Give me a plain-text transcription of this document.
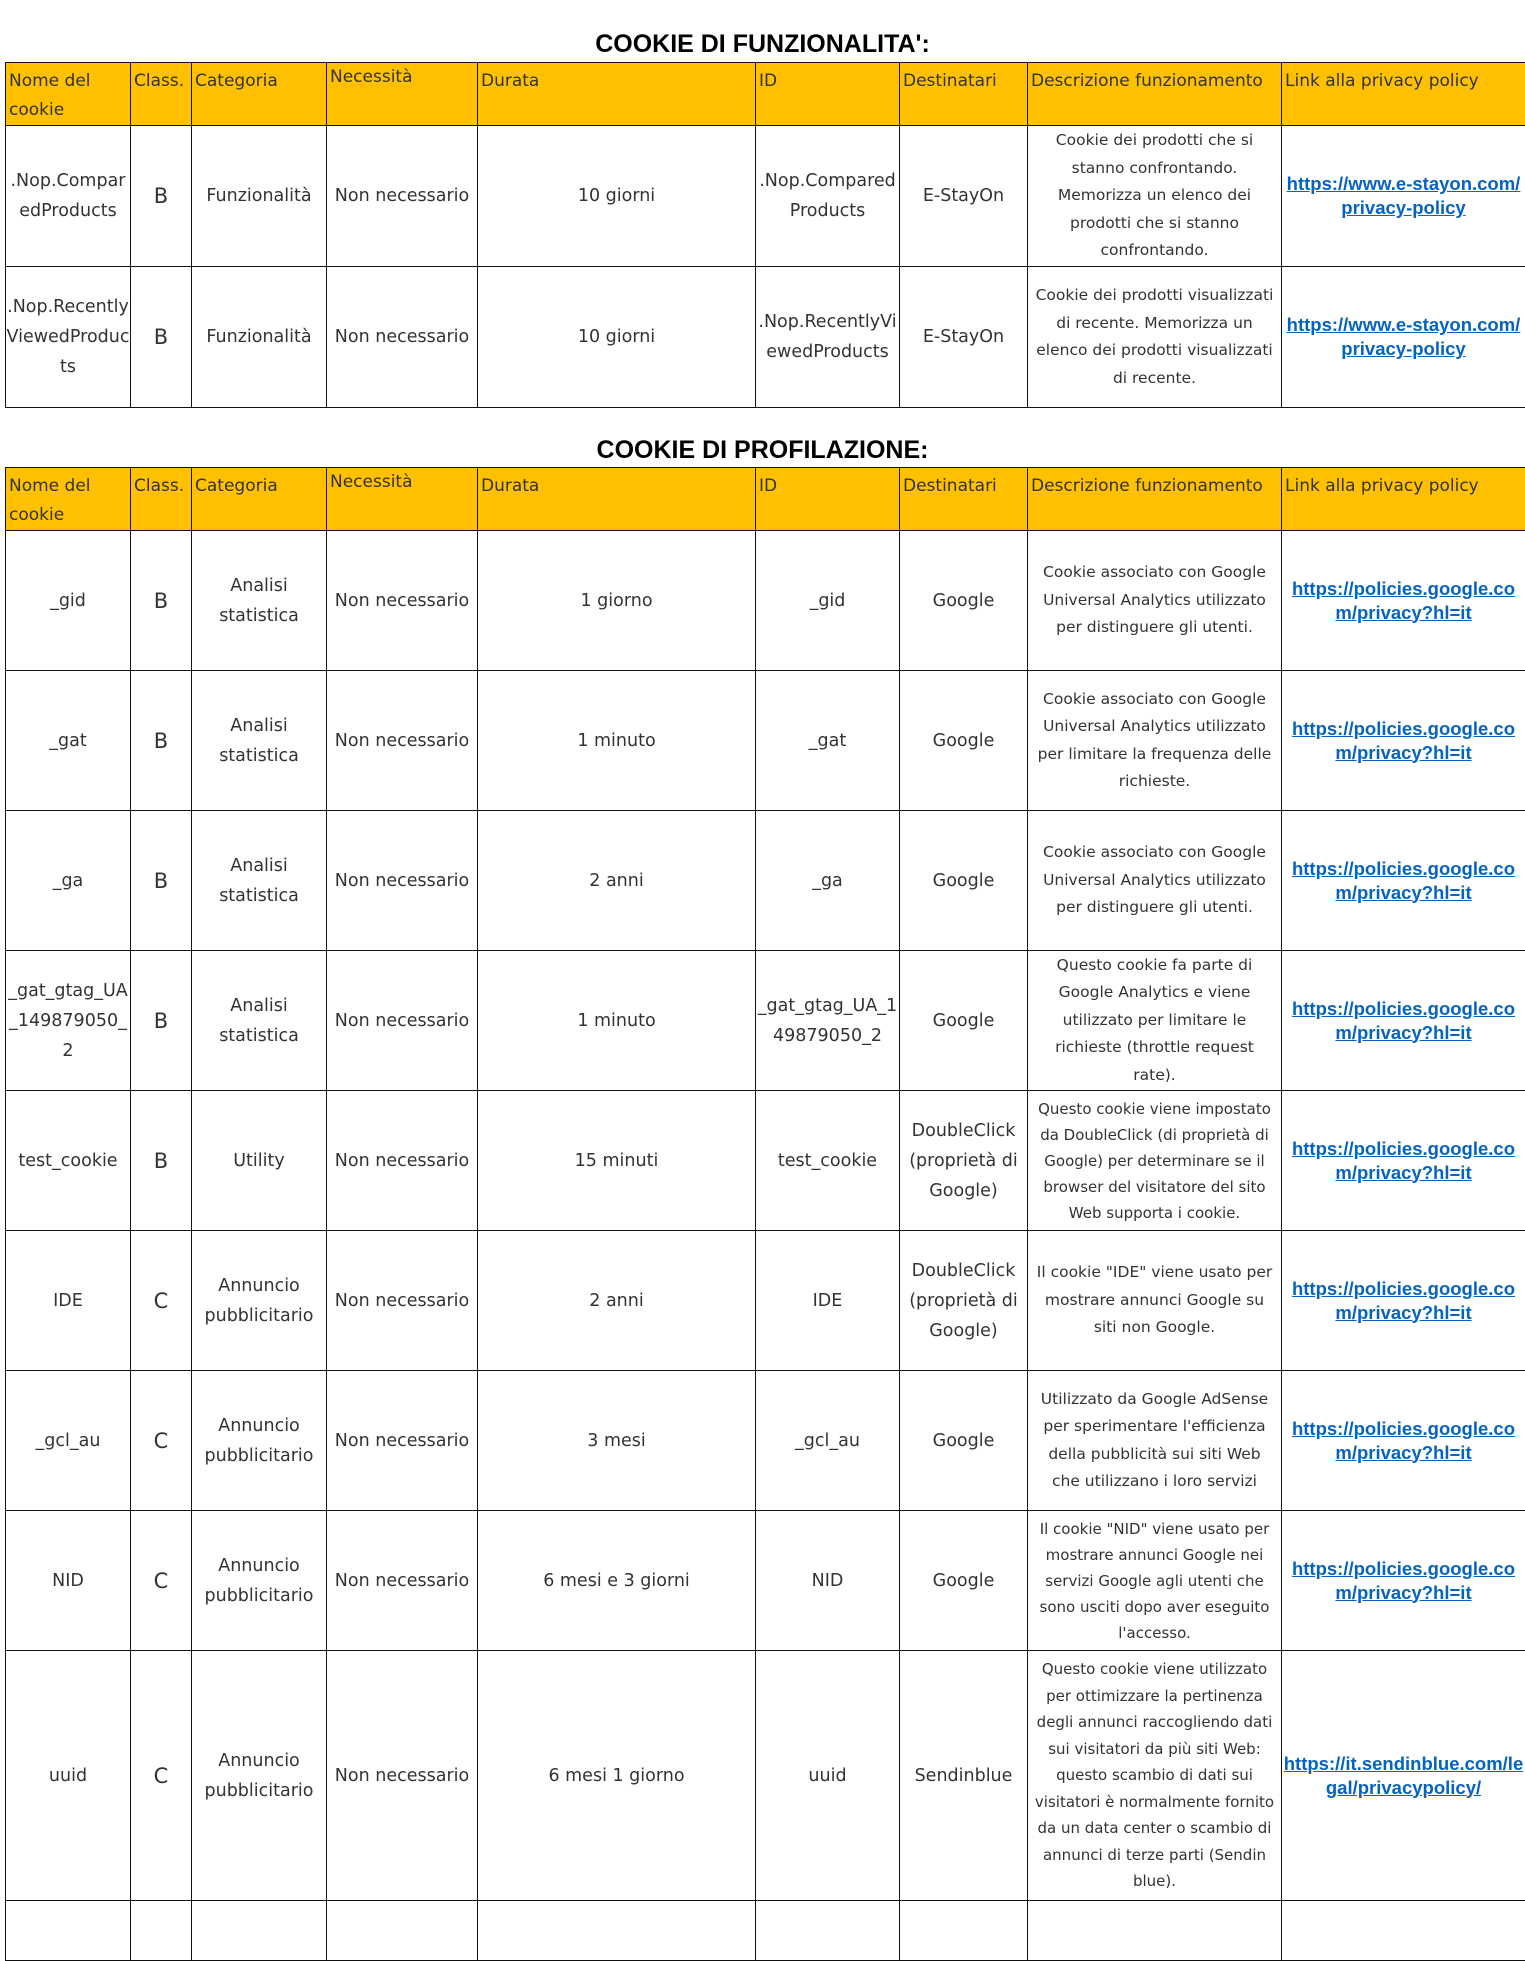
COOKIE DI FUNZIONALITA':
Nome del cookie	Class.	Categoria	Necessità	Durata	ID	Destinatari	Descrizione funzionamento	Link alla privacy policy
.Nop.ComparedProducts	B	Funzionalità	Non necessario	10 giorni	.Nop.Compared Products	E-StayOn	Cookie dei prodotti che si stanno confrontando. Memorizza un elenco dei prodotti che si stanno confrontando.	https://www.e-stayon.com/privacy-policy

.Nop.RecentlyViewedProducts	B	Funzionalità	Non necessario	10 giorni	.Nop.RecentlyViewedProducts	E-StayOn	Cookie dei prodotti visualizzati di recente. Memorizza un elenco dei prodotti visualizzati di recente.	https://www.e-stayon.com/privacy-policy
COOKIE DI PROFILAZIONE:
Nome del cookie	Class.	Categoria	Necessità	Durata	ID	Destinatari	Descrizione funzionamento	Link alla privacy policy
_gid	B	Analisi statistica	Non necessario	1 giorno	_gid	Google	Cookie associato con Google Universal Analytics utilizzato per distinguere gli utenti.	https://policies.google.com/privacy?hl=it

_gat	B	Analisi statistica	Non necessario	1 minuto	_gat	Google	Cookie associato con Google Universal Analytics utilizzato per limitare la frequenza delle richieste.	https://policies.google.com/privacy?hl=it

_ga	B	Analisi statistica	Non necessario	2 anni	_ga	Google	Cookie associato con Google Universal Analytics utilizzato per distinguere gli utenti.	https://policies.google.com/privacy?hl=it

_gat_gtag_UA_149879050_2	B	Analisi statistica	Non necessario	1 minuto	_gat_gtag_UA_149879050_2	Google	Questo cookie fa parte di Google Analytics e viene utilizzato per limitare le richieste (throttle request rate).	https://policies.google.com/privacy?hl=it

test_cookie	B	Utility	Non necessario	15 minuti	test_cookie	DoubleClick (proprietà di Google)	Questo cookie viene impostato da DoubleClick (di proprietà di Google) per determinare se il browser del visitatore del sito Web supporta i cookie.	https://policies.google.com/privacy?hl=it

IDE	C	Annuncio pubblicitario	Non necessario	2 anni	IDE	DoubleClick (proprietà di Google)	Il cookie "IDE" viene usato per mostrare annunci Google su siti non Google.	https://policies.google.com/privacy?hl=it

_gcl_au	C	Annuncio pubblicitario	Non necessario	3 mesi	_gcl_au	Google	Utilizzato da Google AdSense per sperimentare l'efficienza della pubblicità sui siti Web che utilizzano i loro servizi	https://policies.google.com/privacy?hl=it

NID	C	Annuncio pubblicitario	Non necessario	6 mesi e 3 giorni	NID	Google	Il cookie "NID" viene usato per mostrare annunci Google nei servizi Google agli utenti che sono usciti dopo aver eseguito l'accesso.	https://policies.google.com/privacy?hl=it

uuid	C	Annuncio pubblicitario	Non necessario	6 mesi 1 giorno	uuid	Sendinblue	Questo cookie viene utilizzato per ottimizzare la pertinenza degli annunci raccogliendo dati sui visitatori da più siti Web: questo scambio di dati sui visitatori è normalmente fornito da un data center o scambio di annunci di terze parti (Sendin blue).	https://it.sendinblue.com/legal/privacypolicy/
